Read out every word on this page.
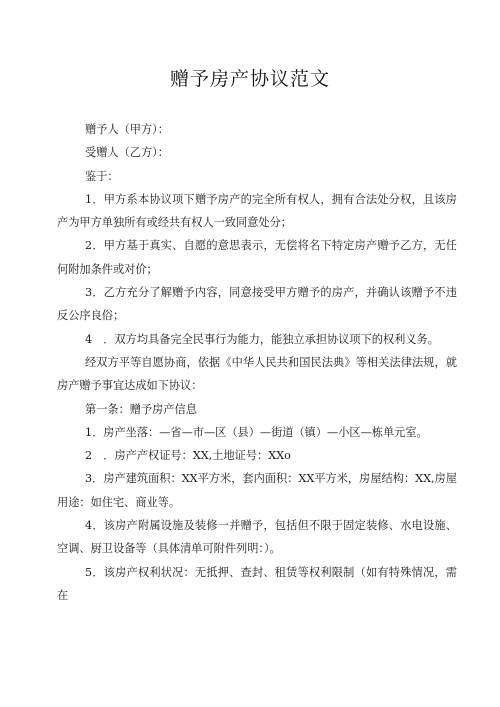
赠予房产协议范文

赠予人（甲方）：

受赠人（乙方）：

鉴于：

1．甲方系本协议项下赠予房产的完全所有权人，拥有合法处分权，且该房产为甲方单独所有或经共有权人一致同意处分；

2．甲方基于真实、自愿的意思表示，无偿将名下特定房产赠予乙方，无任何附加条件或对价；

3．乙方充分了解赠予内容，同意接受甲方赠予的房产，并确认该赠予不违反公序良俗；

4　．双方均具备完全民事行为能力，能独立承担协议项下的权利义务。

经双方平等自愿协商，依据《中华人民共和国民法典》等相关法律法规，就房产赠予事宜达成如下协议：

第一条：赠予房产信息

1．房产坐落：—省—市—区（县）—街道（镇）—小区—栋单元室。

2　．房产产权证号：XX,土地证号：XXo

3．房产建筑面积：XX平方米，套内面积：XX平方米，房屋结构：XX,房屋用途：如住宅、商业等。

4．该房产附属设施及装修一并赠予，包括但不限于固定装修、水电设施、空调、厨卫设备等（具体清单可附件列明：）。

5．该房产权利状况：无抵押、查封、租赁等权利限制（如有特殊情况，需在
